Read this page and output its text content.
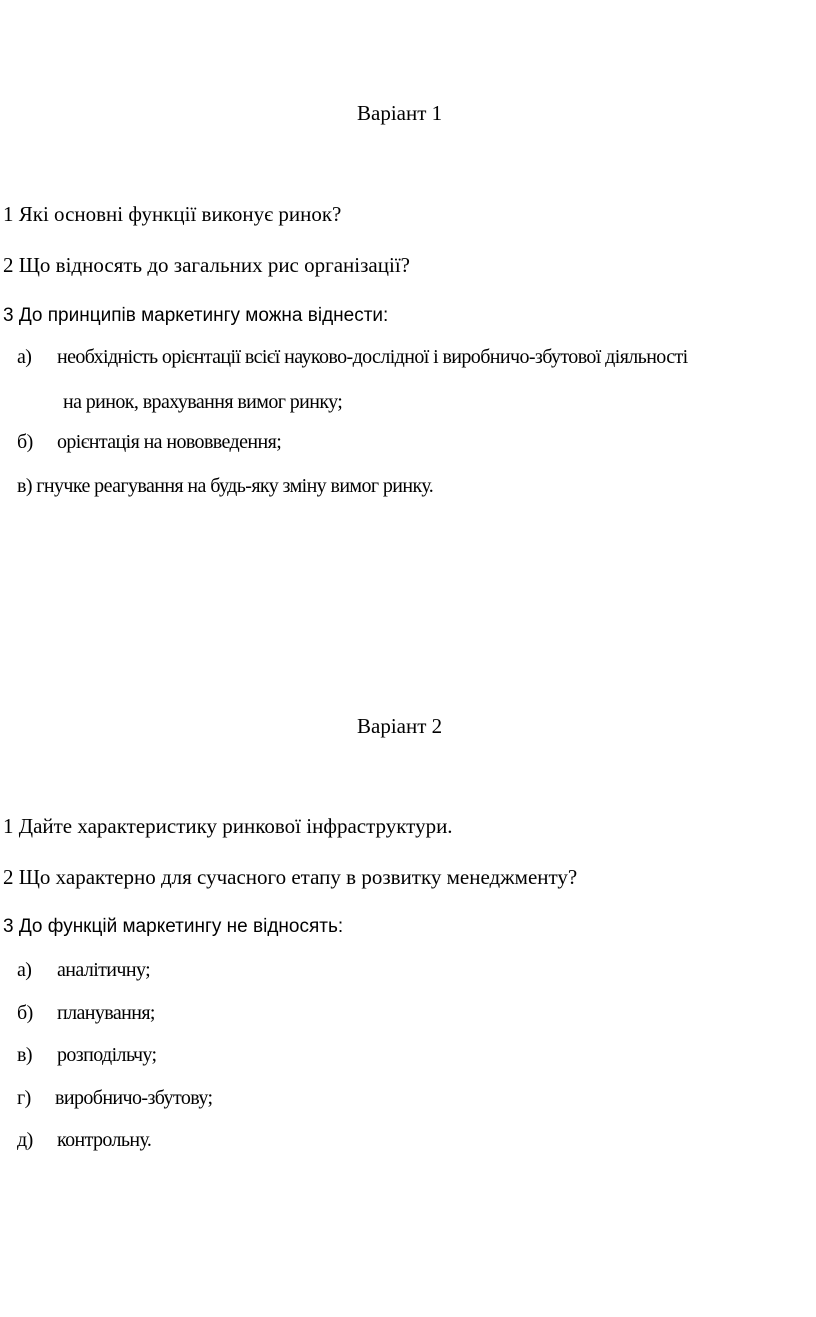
Варіант 1
1 Які основні функції виконує ринок?
2 Що відносять до загальних рис організації?
3 До принципів маркетингу можна віднести:
а) необхідність орієнтації всієї науково-дослідної і виробничо-збутової діяльності
на ринок, врахування вимог ринку;
б) орієнтація на нововведення;
в) гнучке реагування на будь-яку зміну вимог ринку.
Варіант 2
1 Дайте характеристику ринкової інфраструктури.
2 Що характерно для сучасного етапу в розвитку менеджменту?
3 До функцій маркетингу не відносять:
а) аналітичну;
б) планування;
в) розподільчу;
г) виробничо-збутову;
д) контрольну.
